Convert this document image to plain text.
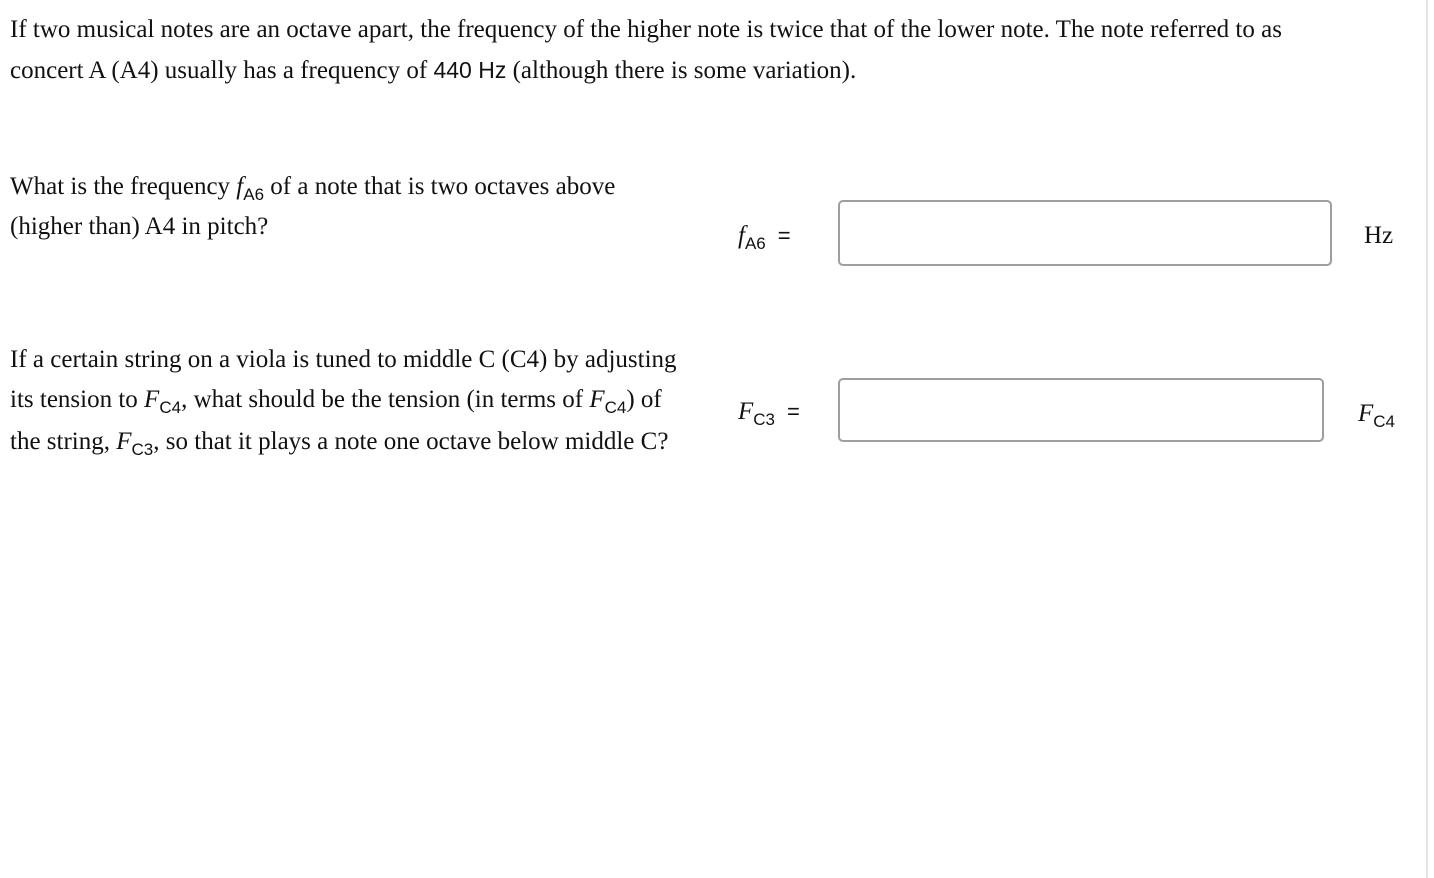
If two musical notes are an octave apart, the frequency of the higher note is twice that of the lower note. The note referred to as
concert A (A4) usually has a frequency of 440 Hz (although there is some variation).
What is the frequency $f_{A6}$ of a note that is two octaves above (higher than) A4 in pitch?	$f_{A6}$ =	Hz
If a certain string on a viola is tuned to middle C (C4) by adjusting its tension to $F_{C4}$, what should be the tension (in terms of $F_{C4}$) of the string, $F_{C3}$, so that it plays a note one octave below middle C?
$F_{C3}$ =	$F_{C4}$
